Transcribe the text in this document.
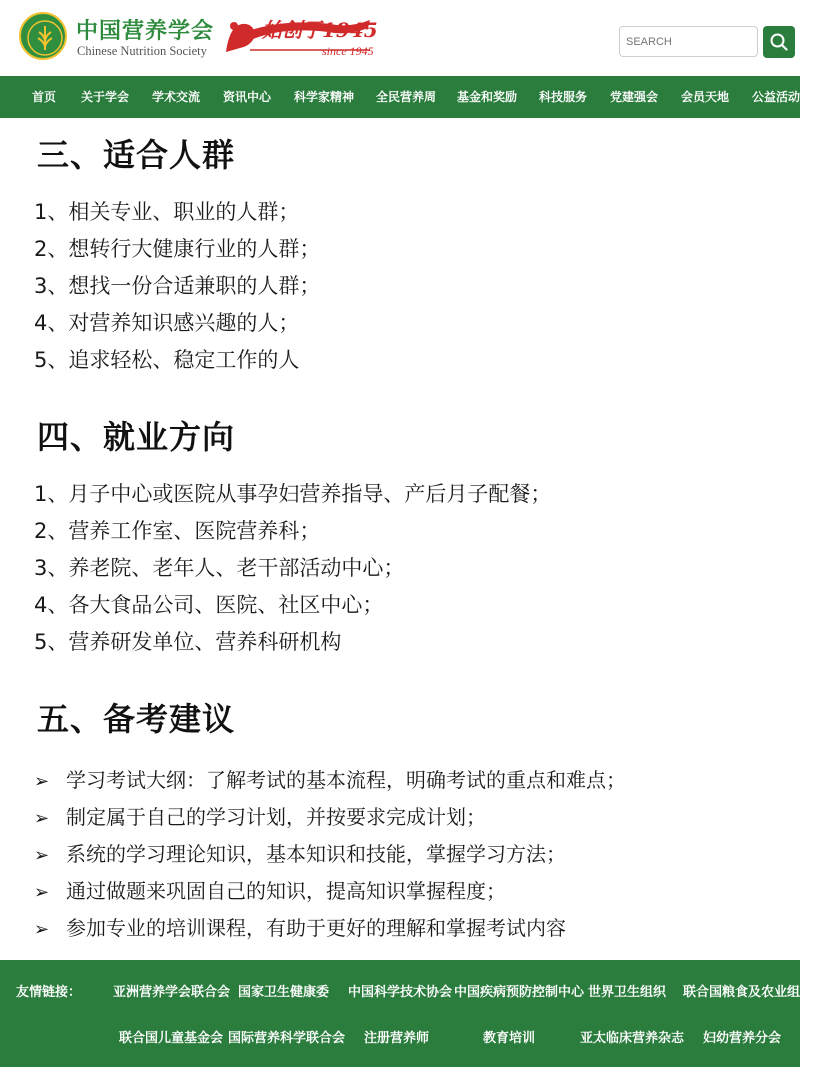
中国营养学会
Chinese Nutrition Society
始创于1945
since 1945
SEARCH
首页 关于学会 学术交流 资讯中心 科学家精神 全民营养周 基金和奖励 科技服务 党建强会 会员天地 公益活动
三、适合人群
1、相关专业、职业的人群；
2、想转行大健康行业的人群；
3、想找一份合适兼职的人群；
4、对营养知识感兴趣的人；
5、追求轻松、稳定工作的人
四、就业方向
1、月子中心或医院从事孕妇营养指导、产后月子配餐；
2、营养工作室、医院营养科；
3、养老院、老年人、老干部活动中心；
4、各大食品公司、医院、社区中心；
5、营养研发单位、营养科研机构
五、备考建议
➢ 学习考试大纲：了解考试的基本流程，明确考试的重点和难点；
➢ 制定属于自己的学习计划，并按要求完成计划；
➢ 系统的学习理论知识，基本知识和技能，掌握学习方法；
➢ 通过做题来巩固自己的知识，提高知识掌握程度；
➢ 参加专业的培训课程，有助于更好的理解和掌握考试内容
友情链接： 亚洲营养学会联合会 国家卫生健康委 中国科学技术协会 中国疾病预防控制中心 世界卫生组织 联合国粮食及农业组织
联合国儿童基金会 国际营养科学联合会 注册营养师	教育培训	亚太临床营养杂志 妇幼营养分会
